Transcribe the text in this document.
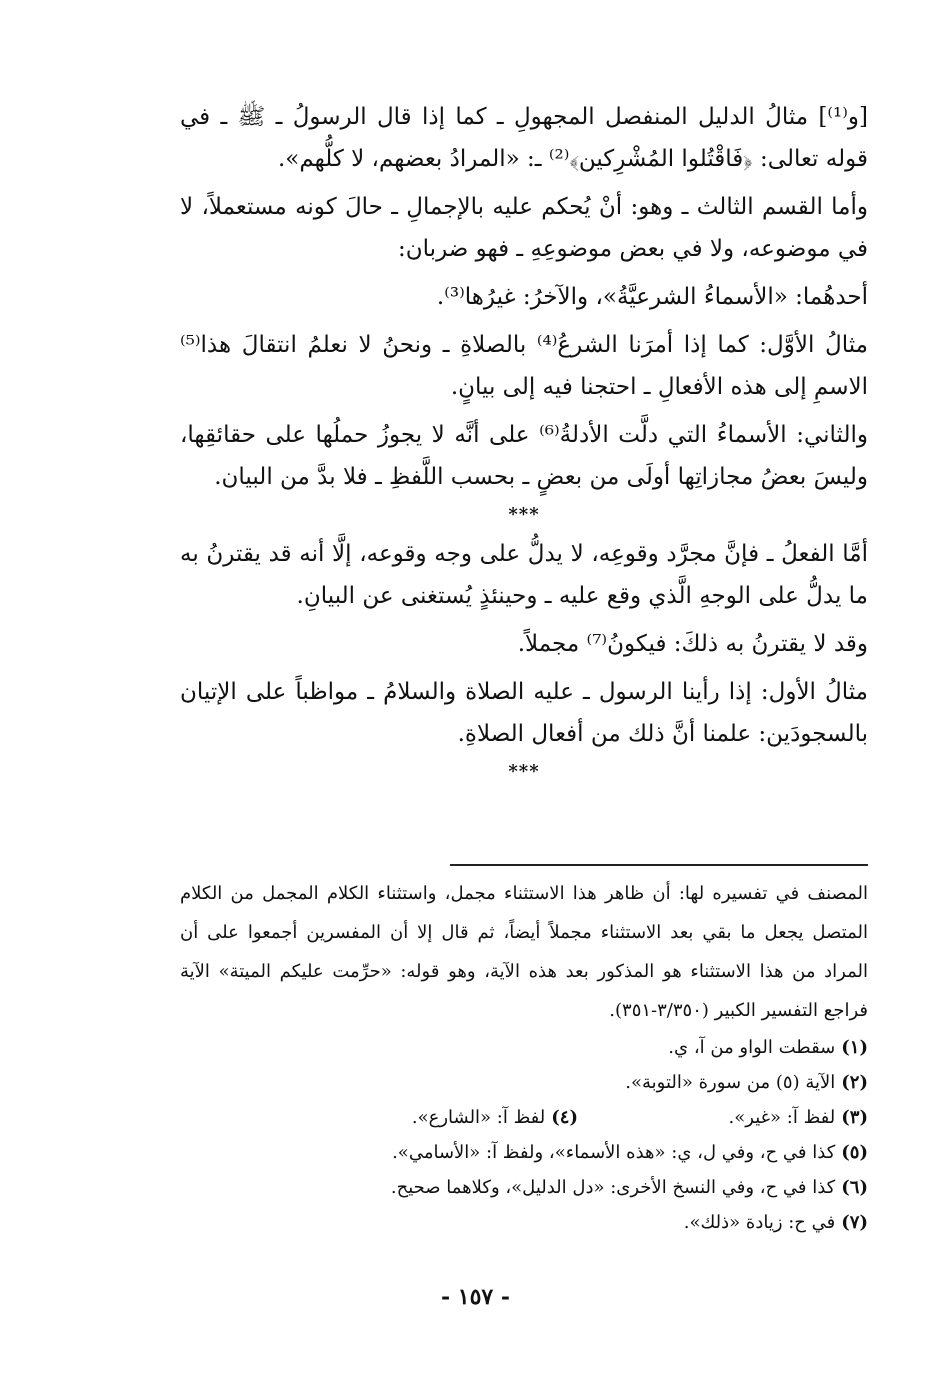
[و⁽¹⁾] مثالُ الدليل المنفصل المجهولِ ـ كما إذا قال الرسولُ ـ ﷺ ـ في قوله تعالى: ﴿فَاقْتُلوا المُشْرِكين﴾⁽²⁾ ـ: «المرادُ بعضهم، لا كلُّهم».

وأما القسم الثالث ـ وهو: أنْ يُحكم عليه بالإجمالِ ـ حالَ كونه مستعملاً، لا في موضوعه، ولا في بعض موضوعِهِ ـ فهو ضربان:

أحدهُما: «الأسماءُ الشرعيَّةُ»، والآخرُ: غيرُها⁽³⁾.

مثالُ الأوَّل: كما إذا أمرَنا الشرعُ⁽⁴⁾ بالصلاةِ ـ ونحنُ لا نعلمُ انتقالَ هذا⁽⁵⁾ الاسمِ إلى هذه الأفعالِ ـ احتجنا فيه إلى بيانٍ.

والثاني: الأسماءُ التي دلَّت الأدلةُ⁽⁶⁾ على أنَّه لا يجوزُ حملُها على حقائقِها، وليسَ بعضُ مجازاتِها أولَى من بعضٍ ـ بحسب اللَّفظِ ـ فلا بدَّ من البيان.

***

أمَّا الفعلُ ـ فإنَّ مجرَّد وقوعِه، لا يدلُّ على وجه وقوعه، إلَّا أنه قد يقترنُ به ما يدلُّ على الوجهِ الَّذي وقع عليه ـ وحينئذٍ يُستغنى عن البيانِ.

وقد لا يقترنُ به ذلكَ: فيكونُ⁽⁷⁾ مجملاً.

مثالُ الأول: إذا رأينا الرسول ـ عليه الصلاة والسلامُ ـ مواظباً على الإتيان بالسجودَين: علمنا أنَّ ذلك من أفعال الصلاةِ.

***

المصنف في تفسيره لها: أن ظاهر هذا الاستثناء مجمل، واستثناء الكلام المجمل من الكلام المتصل يجعل ما بقي بعد الاستثناء مجملاً أيضاً، ثم قال إلا أن المفسرين أجمعوا على أن المراد من هذا الاستثناء هو المذكور بعد هذه الآية، وهو قوله: «حرِّمت عليكم الميتة» الآية فراجع التفسير الكبير (٣/٣٥٠-٣٥١).

(١)سقطت الواو من آ، ي.

(٢)الآية (٥) من سورة «التوبة».

(٣)لفظ آ: «غير».

(٤)لفظ آ: «الشارع».

(٥)كذا في ح، وفي ل، ي: «هذه الأسماء»، ولفظ آ: «الأسامي».

(٦)كذا في ح، وفي النسخ الأخرى: «دل الدليل»، وكلاهما صحيح.

(٧)في ح: زيادة «ذلك».

- ١٥٧ -
